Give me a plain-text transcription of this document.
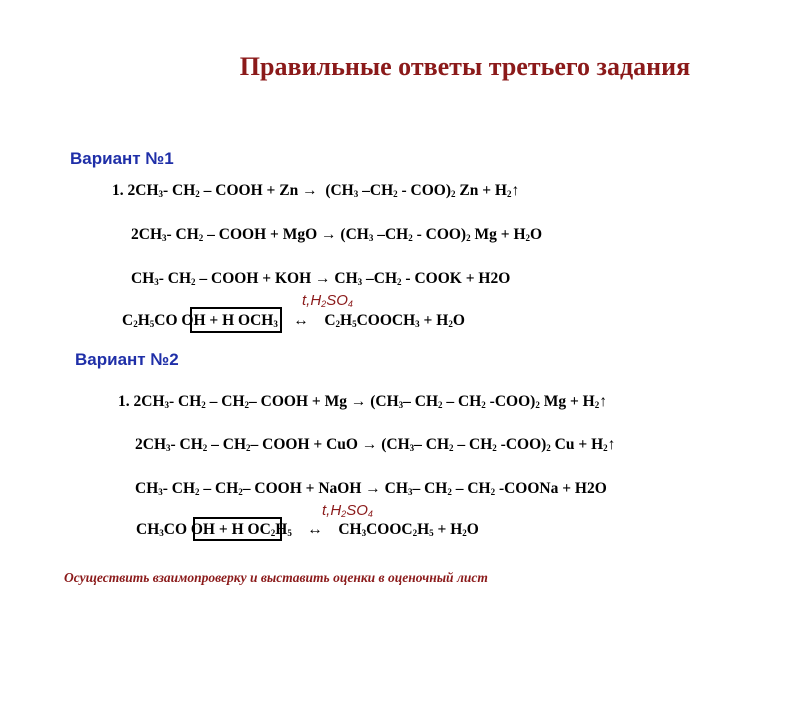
Правильные ответы третьего задания
Вариант №1
1. $2CH_3-$ $CH_2$ – COOH + $Zn \to (CH_3$ $-CH_2 - COO)_2$ $Zn + H_2↑$
$2CH_3-$ $CH_2$ – COOH + MgO → ($CH_3$ $-CH_2 - COO)_2$ $Mg + H_2O$
$CH_3-$ $CH_2$ – COOH + KOH → $CH_3$ $-CH_2$ - COOK + H2O
$t,H_2SO_4$
$C_2H_5CO$ OH + H $OCH_3$ ↔ $C_2H_5COOCH_3 + H_2O$
Вариант №2
1. $2CH_3-$ $CH_2 - CH_2-$ COOH + $Mg \to (CH_3-$ $CH_2 - CH_2$ $-COO)_2$ $Mg + H_2↑$
$2CH_3-$ $CH_2 - CH_2-$ COOH + CuO → ($CH_3-$ $CH_2 - CH_2$ $-COO)_2$ $Cu + H_2↑$
$CH_3-$ $CH_2 - CH_2-$ COOH + NaOH → $CH_3-$ $CH_2 - CH_2$ -COONa + H2O
$t,H_2SO_4$
$CH_3CO$ OH + H $OC_2H_5$ ↔ $CH_3COOC_2H_5 + H_2O$
Осуществить взаимопроверку и выставить оценки в оценочный лист
